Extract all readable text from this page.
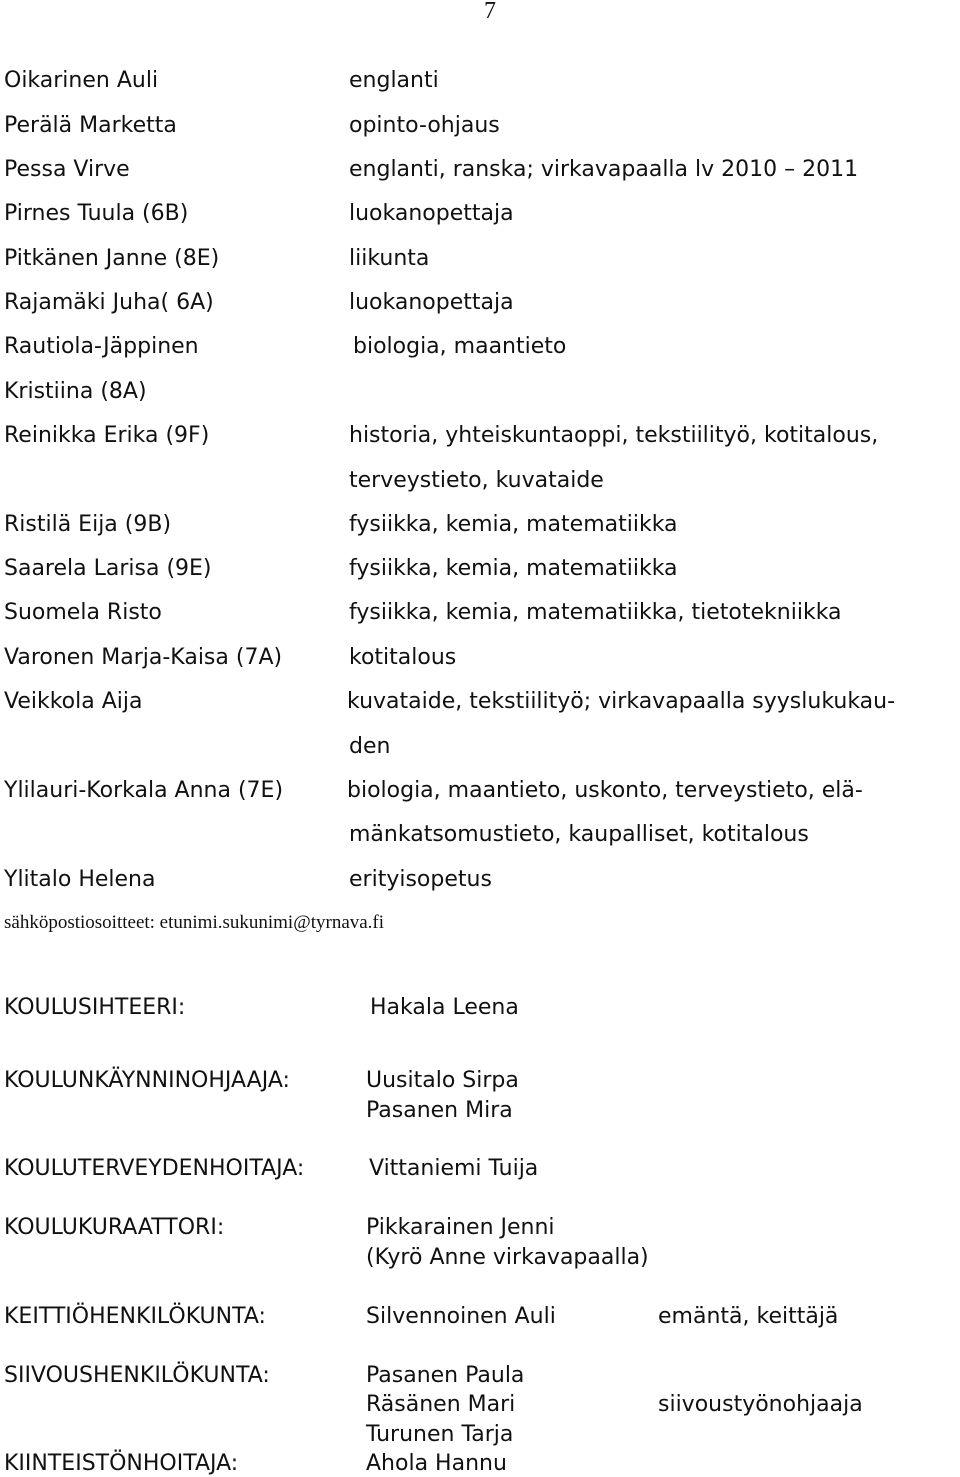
7
Oikarinen Auli	englanti
Perälä Marketta	opinto-ohjaus
Pessa Virve	englanti, ranska; virkavapaalla lv 2010 – 2011
Pirnes Tuula (6B)	luokanopettaja
Pitkänen Janne (8E)	liikunta
Rajamäki Juha( 6A)	luokanopettaja
Rautiola-Jäppinen	biologia, maantieto
Kristiina (8A)
Reinikka Erika (9F)	historia, yhteiskuntaoppi, tekstiilityö, kotitalous,
terveystieto, kuvataide
Ristilä Eija (9B)	fysiikka, kemia, matematiikka
Saarela Larisa (9E)	fysiikka, kemia, matematiikka
Suomela Risto	fysiikka, kemia, matematiikka, tietotekniikka
Varonen Marja-Kaisa (7A)	kotitalous
Veikkola Aija	kuvataide, tekstiilityö; virkavapaalla syyslukukau-
den
Ylilauri-Korkala Anna (7E)	biologia, maantieto, uskonto, terveystieto, elä-
mänkatsomustieto, kaupalliset, kotitalous
Ylitalo Helena	erityisopetus
sähköpostiosoitteet: etunimi.sukunimi@tyrnava.fi
KOULUSIHTEERI:	Hakala Leena
KOULUNKÄYNNINOHJAAJA:	Uusitalo Sirpa
Pasanen Mira
KOULUTERVEYDENHOITAJA:	Vittaniemi Tuija
KOULUKURAATTORI:	Pikkarainen Jenni
(Kyrö Anne virkavapaalla)
KEITTIÖHENKILÖKUNTA:	Silvennoinen Auli	emäntä, keittäjä
SIIVOUSHENKILÖKUNTA:	Pasanen Paula
Räsänen Mari	siivoustyönohjaaja
Turunen Tarja
KIINTEISTÖNHOITAJA:	Ahola Hannu
